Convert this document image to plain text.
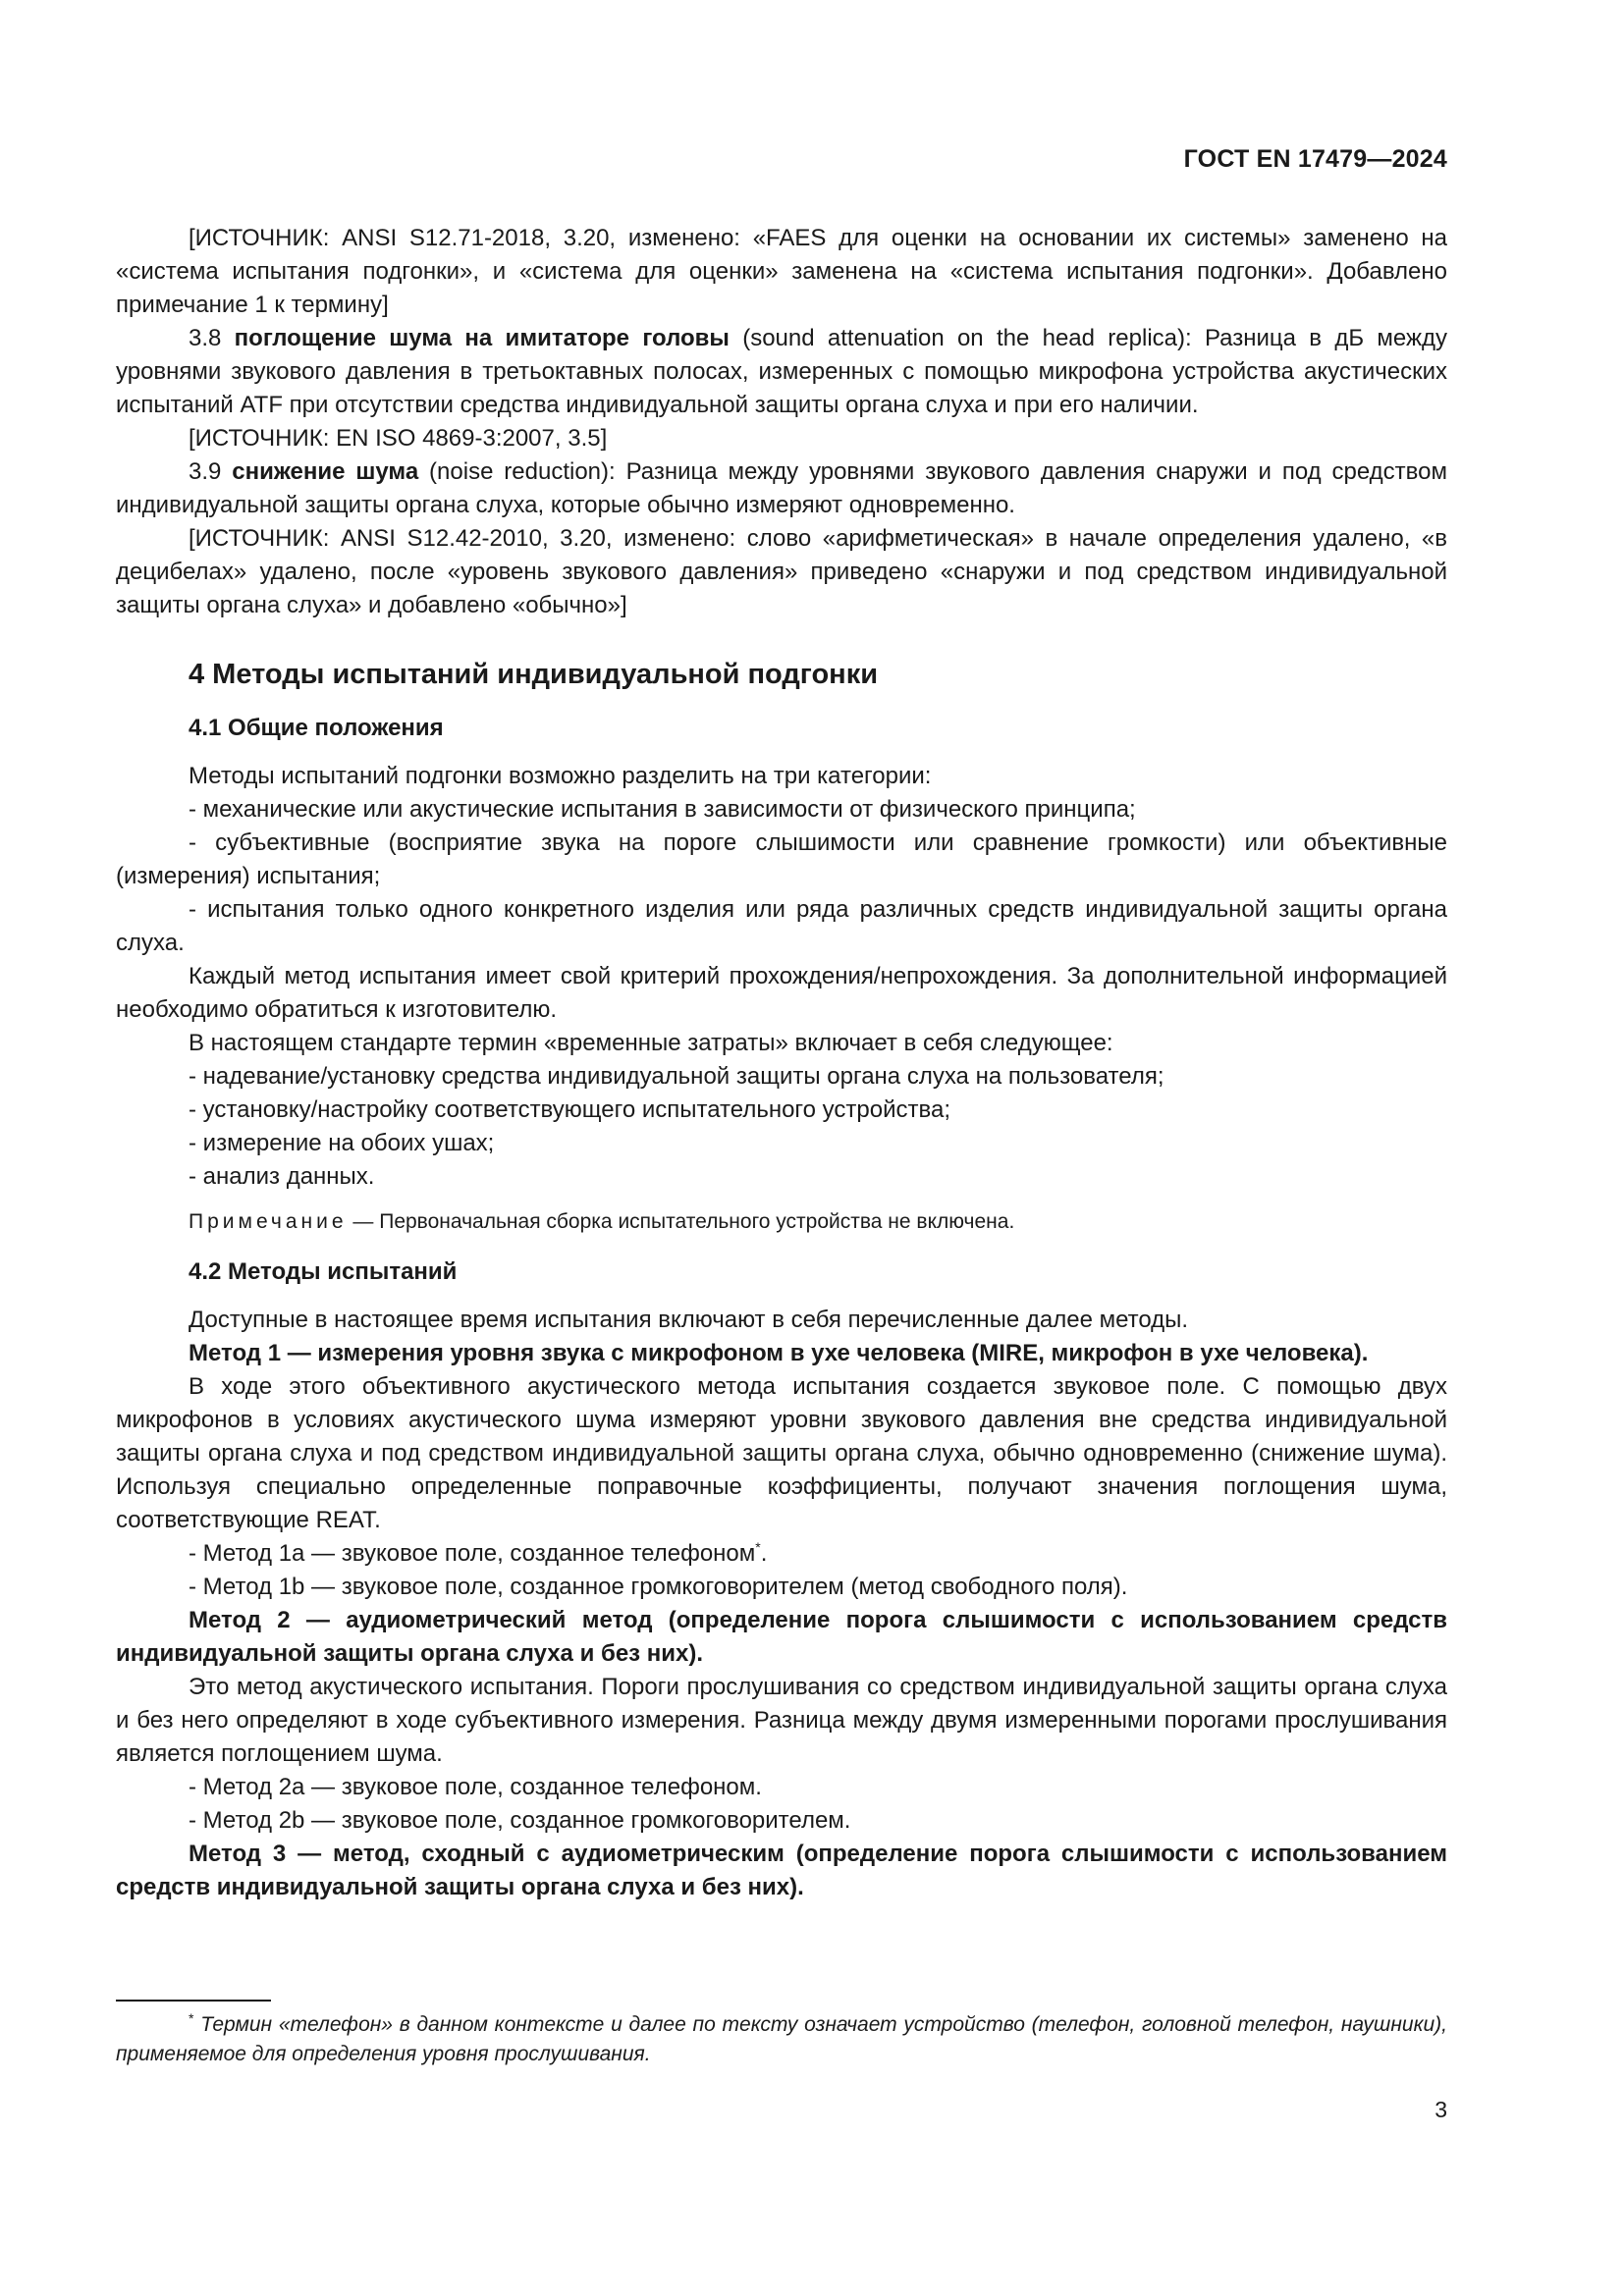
ГОСТ EN 17479—2024

[ИСТОЧНИК: ANSI S12.71-2018, 3.20, изменено: «FAES для оценки на основании их системы» заменено на «система испытания подгонки», и «система для оценки» заменена на «система испытания подгонки». Добавлено примечание 1 к термину]

3.8 поглощение шума на имитаторе головы (sound attenuation on the head replica): Разница в дБ между уровнями звукового давления в третьоктавных полосах, измеренных с помощью микрофона устройства акустических испытаний ATF при отсутствии средства индивидуальной защиты органа слуха и при его наличии.

[ИСТОЧНИК: EN ISO 4869-3:2007, 3.5]

3.9 снижение шума (noise reduction): Разница между уровнями звукового давления снаружи и под средством индивидуальной защиты органа слуха, которые обычно измеряют одновременно.

[ИСТОЧНИК: ANSI S12.42-2010, 3.20, изменено: слово «арифметическая» в начале определения удалено, «в децибелах» удалено, после «уровень звукового давления» приведено «снаружи и под средством индивидуальной защиты органа слуха» и добавлено «обычно»]

4 Методы испытаний индивидуальной подгонки
4.1 Общие положения

Методы испытаний подгонки возможно разделить на три категории:

- механические или акустические испытания в зависимости от физического принципа;

- субъективные (восприятие звука на пороге слышимости или сравнение громкости) или объективные (измерения) испытания;

- испытания только одного конкретного изделия или ряда различных средств индивидуальной защиты органа слуха.

Каждый метод испытания имеет свой критерий прохождения/непрохождения. За дополнительной информацией необходимо обратиться к изготовителю.

В настоящем стандарте термин «временные затраты» включает в себя следующее:

- надевание/установку средства индивидуальной защиты органа слуха на пользователя;

- установку/настройку соответствующего испытательного устройства;

- измерение на обоих ушах;

- анализ данных.

Примечание — Первоначальная сборка испытательного устройства не включена.
4.2 Методы испытаний

Доступные в настоящее время испытания включают в себя перечисленные далее методы.

Метод 1 — измерения уровня звука с микрофоном в ухе человека (MIRE, микрофон в ухе человека).

В ходе этого объективного акустического метода испытания создается звуковое поле. С помощью двух микрофонов в условиях акустического шума измеряют уровни звукового давления вне средства индивидуальной защиты органа слуха и под средством индивидуальной защиты органа слуха, обычно одновременно (снижение шума). Используя специально определенные поправочные коэффициенты, получают значения поглощения шума, соответствующие REAT.

- Метод 1а — звуковое поле, созданное телефоном*.

- Метод 1b — звуковое поле, созданное громкоговорителем (метод свободного поля).

Метод 2 — аудиометрический метод (определение порога слышимости с использованием средств индивидуальной защиты органа слуха и без них).

Это метод акустического испытания. Пороги прослушивания со средством индивидуальной защиты органа слуха и без него определяют в ходе субъективного измерения. Разница между двумя измеренными порогами прослушивания является поглощением шума.

- Метод 2а — звуковое поле, созданное телефоном.

- Метод 2b — звуковое поле, созданное громкоговорителем.

Метод 3 — метод, сходный с аудиометрическим (определение порога слышимости с использованием средств индивидуальной защиты органа слуха и без них).

* Термин «телефон» в данном контексте и далее по тексту означает устройство (телефон, головной телефон, наушники), применяемое для определения уровня прослушивания.
3
